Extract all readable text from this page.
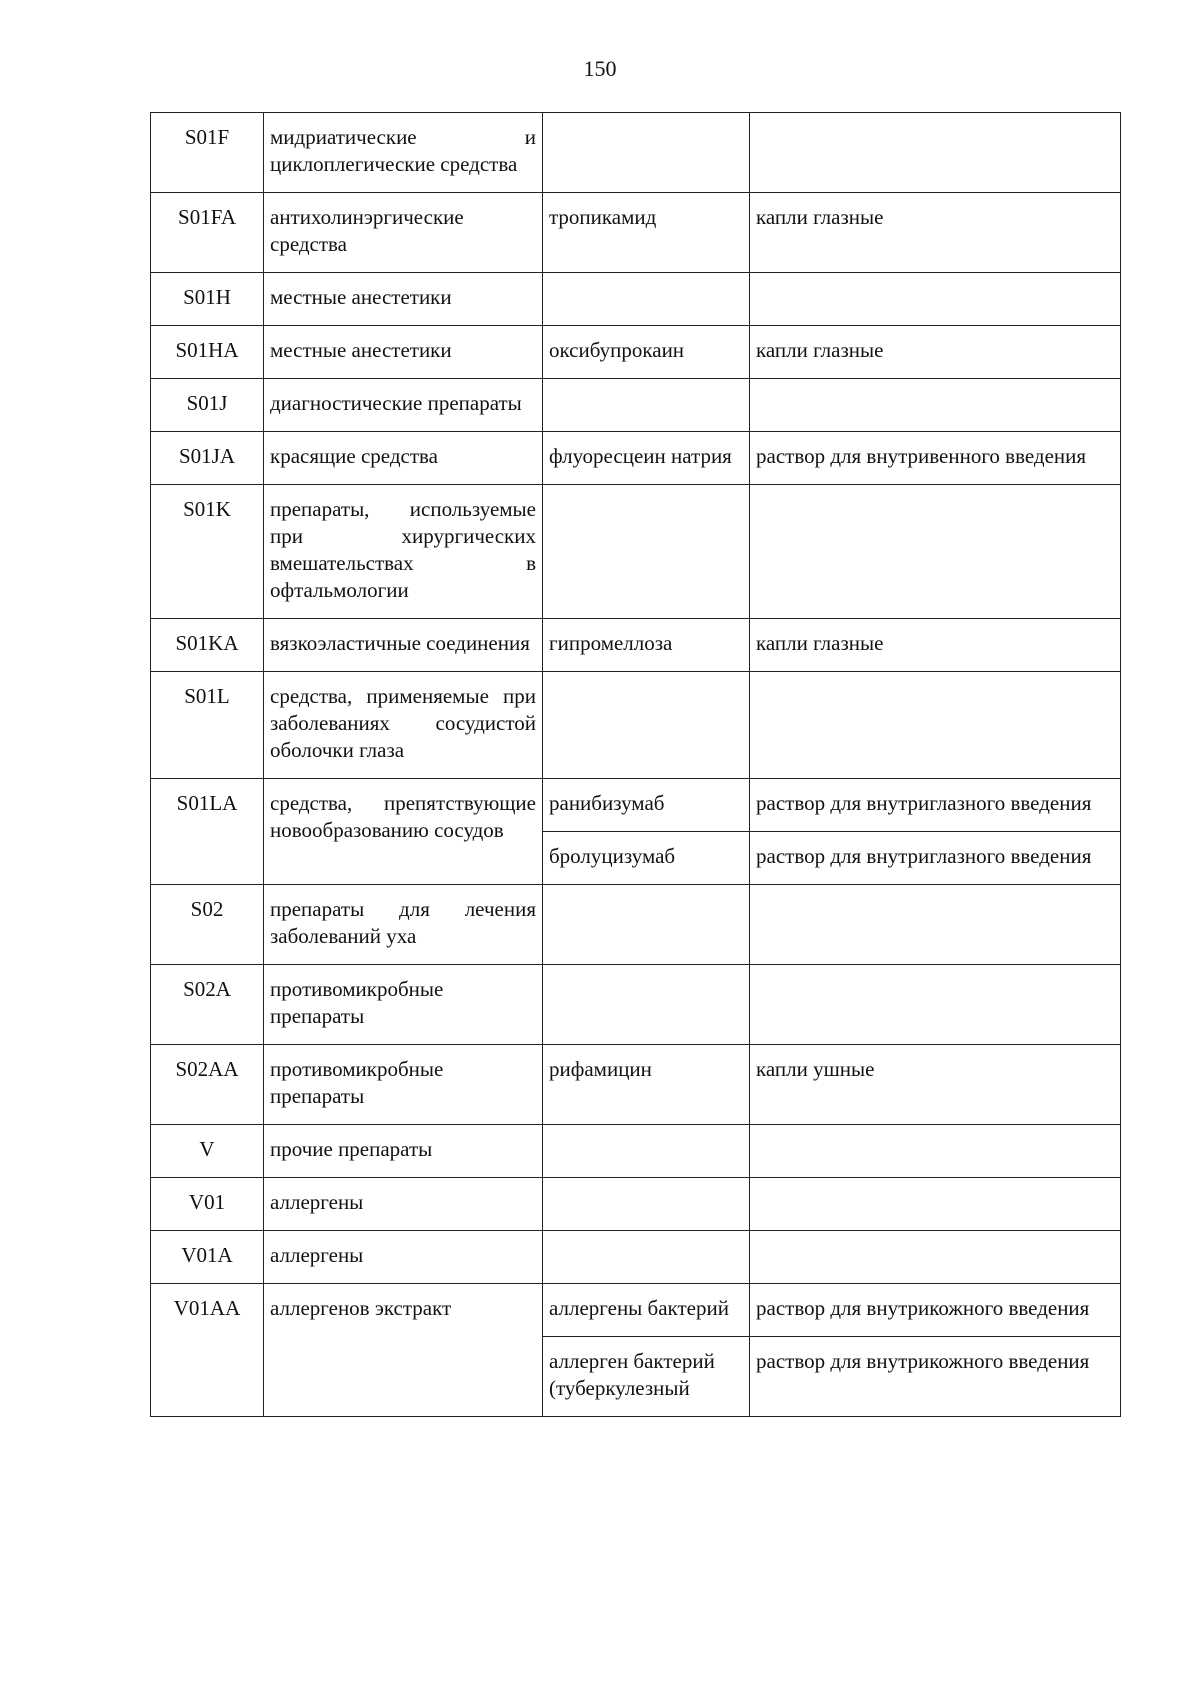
150
S01F	мидриатические и циклоплегические средства		
S01FA	антихолинэргические средства	тропикамид	капли глазные
S01H	местные анестетики		
S01HA	местные анестетики	оксибупрокаин	капли глазные
S01J	диагностические препараты		
S01JA	красящие средства	флуоресцеин натрия	раствор для внутривенного введения
S01K	препараты, используемые при хирургических вмешательствах в офтальмологии		
S01KA	вязкоэластичные соединения	гипромеллоза	капли глазные
S01L	средства, применяемые при заболеваниях сосудистой оболочки глаза		
S01LA	средства, препятствующие новообразованию сосудов	ранибизумаб	раствор для внутриглазного введения
		бролуцизумаб	раствор для внутриглазного введения
S02	препараты для лечения заболеваний уха		
S02A	противомикробные препараты		
S02AA	противомикробные препараты	рифамицин	капли ушные
V	прочие препараты		
V01	аллергены		
V01A	аллергены		
V01AA	аллергенов экстракт	аллергены бактерий	раствор для внутрикожного введения
		аллерген бактерий (туберкулезный	раствор для внутрикожного введения
